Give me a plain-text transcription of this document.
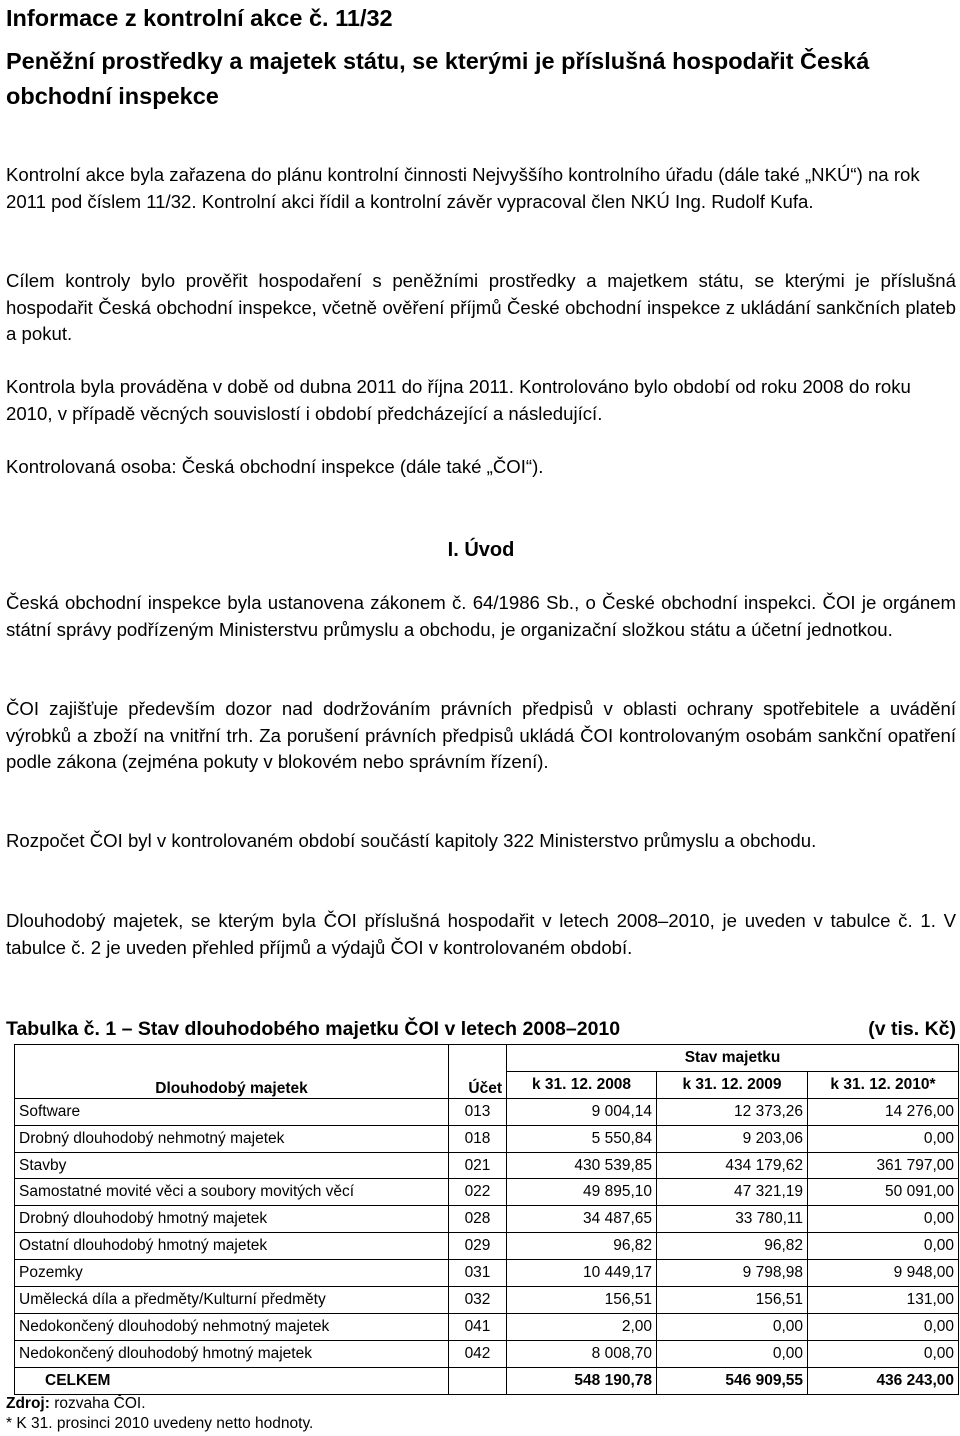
Informace z kontrolní akce č. 11/32
Peněžní prostředky a majetek státu, se kterými je příslušná hospodařit Česká obchodní inspekce
Kontrolní akce byla zařazena do plánu kontrolní činnosti Nejvyššího kontrolního úřadu (dále také „NKÚ“) na rok 2011 pod číslem 11/32. Kontrolní akci řídil a kontrolní závěr vypracoval člen NKÚ Ing. Rudolf Kufa.
Cílem kontroly bylo prověřit hospodaření s peněžními prostředky a majetkem státu, se kterými je příslušná hospodařit Česká obchodní inspekce, včetně ověření příjmů České obchodní inspekce z ukládání sankčních plateb a pokut.
Kontrola byla prováděna v době od dubna 2011 do října 2011. Kontrolováno bylo období od roku 2008 do roku 2010, v případě věcných souvislostí i období předcházející a následující.
Kontrolovaná osoba: Česká obchodní inspekce (dále také „ČOI“).
I. Úvod
Česká obchodní inspekce byla ustanovena zákonem č. 64/1986 Sb., o České obchodní inspekci. ČOI je orgánem státní správy podřízeným Ministerstvu průmyslu a obchodu, je organizační složkou státu a účetní jednotkou.
ČOI zajišťuje především dozor nad dodržováním právních předpisů v oblasti ochrany spotřebitele a uvádění výrobků a zboží na vnitřní trh. Za porušení právních předpisů ukládá ČOI kontrolovaným osobám sankční opatření podle zákona (zejména pokuty v blokovém nebo správním řízení).
Rozpočet ČOI byl v kontrolovaném období součástí kapitoly 322 Ministerstvo průmyslu a obchodu.
Dlouhodobý majetek, se kterým byla ČOI příslušná hospodařit v letech 2008–2010, je uveden v tabulce č. 1. V tabulce č. 2 je uveden přehled příjmů a výdajů ČOI v kontrolovaném období.
Tabulka č. 1 – Stav dlouhodobého majetku ČOI v letech 2008–2010	(v tis. Kč)
Dlouhodobý majetek	Účet	Stav majetku		
		k 31. 12. 2008	k 31. 12. 2009	k 31. 12. 2010*
Software	013	9 004,14	12 373,26	14 276,00
Drobný dlouhodobý nehmotný majetek	018	5 550,84	9 203,06	0,00
Stavby	021	430 539,85	434 179,62	361 797,00
Samostatné movité věci a soubory movitých věcí	022	49 895,10	47 321,19	50 091,00
Drobný dlouhodobý hmotný majetek	028	34 487,65	33 780,11	0,00
Ostatní dlouhodobý hmotný majetek	029	96,82	96,82	0,00
Pozemky	031	10 449,17	9 798,98	9 948,00
Umělecká díla a předměty/Kulturní předměty	032	156,51	156,51	131,00
Nedokončený dlouhodobý nehmotný majetek	041	2,00	0,00	0,00
Nedokončený dlouhodobý hmotný majetek	042	8 008,70	0,00	0,00
CELKEM		548 190,78	546 909,55	436 243,00
Zdroj: rozvaha ČOI.
* K 31. prosinci 2010 uvedeny netto hodnoty.
